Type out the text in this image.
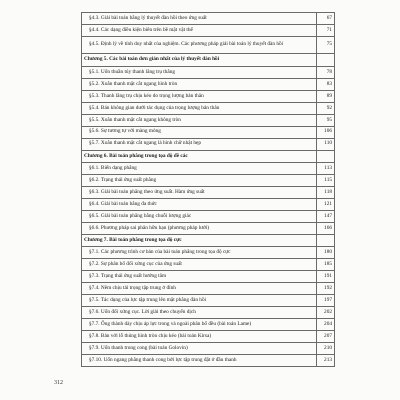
§4.3. Giải bài toán bằng lý thuyết đàn hồi theo ứng suất	67
§4.4. Các dạng điều kiện biên trên bề mặt vật thể	71
§4.5. Định lý về tính duy nhất của nghiệm. Các phương pháp giải bài toán lý thuyết đàn hồi	75
Chương 5. Các bài toán đơn giản nhất của lý thuyết đàn hồi	
§5.1. Uốn thuần túy thanh lăng trụ thẳng	78
§5.2. Xoắn thanh mặt cắt ngang hình tròn	83
§5.3. Thanh lăng trụ chịu kéo do trọng lượng bản thân	89
§5.4. Bán không gian dưới tác dụng của trọng lượng bản thân	92
§5.5. Xoắn thanh mặt cắt ngang không tròn	95
§5.6. Sự tương tự với màng mỏng	106
§5.7. Xoắn thanh mặt cắt ngang là hình chữ nhật hẹp	110
Chương 6. Bài toán phẳng trong tọa độ đề các	
§6.1. Biến dạng phẳng	113
§6.2. Trạng thái ứng suất phẳng	115
§6.3. Giải bài toán phẳng theo ứng suất. Hàm ứng suất	118
§6.4. Giải bài toán bằng đa thức	121
§6.5. Giải bài toán phẳng bằng chuỗi lượng giác	147
§6.6. Phương pháp sai phân hữu hạn (phương pháp lưới)	166
Chương 7. Bài toán phẳng trong tọa độ cực	
§7.1. Các phương trình cơ bản của bài toán phẳng trong tọa độ cực	180
§7.2. Sự phân bố đối xứng cục của ứng suất	185
§7.3. Trạng thái ứng suất hướng tâm	191
§7.4. Nêm chịu tải trọng tập trung ở đỉnh	192
§7.5. Tác dụng của lực tập trung lên mặt phẳng đàn hồi	197
§7.6. Uốn đối xứng cục. Lời giải theo chuyển dịch	202
§7.7. Ống thành dày chịu áp lực trong và ngoài phân bố đều (bài toán Lame)	204
§7.8. Bản với lỗ thủng hình tròn chịu kéo (bài toán Kirsa)	207
§7.9. Uốn thanh trong cong (bài toán Golovin)	210
§7.10. Uốn ngang phẳng thanh cong bởi lực tập trung đặt ở đầu thanh	213
312
